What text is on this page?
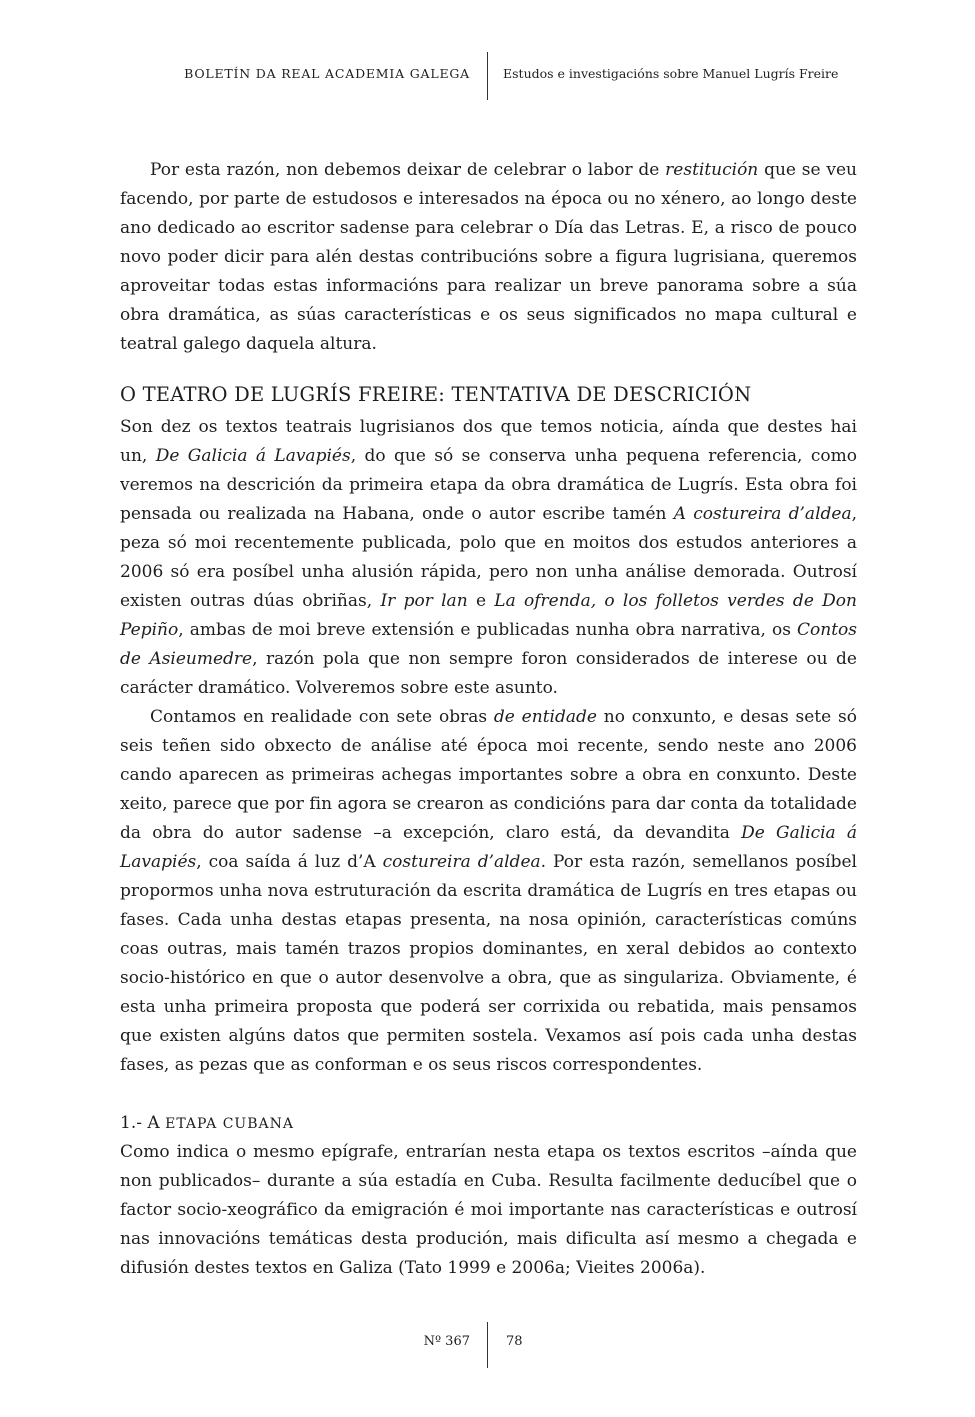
BOLETÍN DA REAL ACADEMIA GALEGA	Estudos e investigacións sobre Manuel Lugrís Freire

Por esta razón, non debemos deixar de celebrar o labor de restitución que se veu facendo, por parte de estudosos e interesados na época ou no xénero, ao longo deste ano dedicado ao escritor sadense para celebrar o Día das Letras. E, a risco de pouco novo poder dicir para alén destas contribucións sobre a figura lugrisiana, queremos aproveitar todas estas informacións para realizar un breve panorama sobre a súa obra dramática, as súas características e os seus significados no mapa cultural e teatral galego daquela altura.

O TEATRO DE LUGRÍS FREIRE: TENTATIVA DE DESCRICIÓN

Son dez os textos teatrais lugrisianos dos que temos noticia, aínda que destes hai un, De Galicia á Lavapiés, do que só se conserva unha pequena referencia, como veremos na descrición da primeira etapa da obra dramática de Lugrís. Esta obra foi pensada ou realizada na Habana, onde o autor escribe tamén A costureira d’aldea, peza só moi recentemente publicada, polo que en moitos dos estudos anteriores a 2006 só era posíbel unha alusión rápida, pero non unha análise demorada. Outrosí existen outras dúas obriñas, Ir por lan e La ofrenda, o los folletos verdes de Don Pepiño, ambas de moi breve extensión e publicadas nunha obra narrativa, os Contos de Asieumedre, razón pola que non sempre foron considerados de interese ou de carácter dramático. Volveremos sobre este asunto.

Contamos en realidade con sete obras de entidade no conxunto, e desas sete só seis teñen sido obxecto de análise até época moi recente, sendo neste ano 2006 cando aparecen as primeiras achegas importantes sobre a obra en conxunto. Deste xeito, parece que por fin agora se crearon as condicións para dar conta da totalidade da obra do autor sadense –a excepción, claro está, da devandita De Galicia á Lavapiés, coa saída á luz d’A costureira d’aldea. Por esta razón, semellanos posíbel propormos unha nova estruturación da escrita dramática de Lugrís en tres etapas ou fases. Cada unha destas etapas presenta, na nosa opinión, características comúns coas outras, mais tamén trazos propios dominantes, en xeral debidos ao contexto socio-histórico en que o autor desenvolve a obra, que as singulariza. Obviamente, é esta unha primeira proposta que poderá ser corrixida ou rebatida, mais pensamos que existen algúns datos que permiten sostela. Vexamos así pois cada unha destas fases, as pezas que as conforman e os seus riscos correspondentes.

1.- A ETAPA CUBANA

Como indica o mesmo epígrafe, entrarían nesta etapa os textos escritos –aínda que non publicados– durante a súa estadía en Cuba. Resulta facilmente deducíbel que o factor socio-xeográfico da emigración é moi importante nas características e outrosí nas innovacións temáticas desta produción, mais dificulta así mesmo a chegada e difusión destes textos en Galiza (Tato 1999 e 2006a; Vieites 2006a).

Nº 367	78
